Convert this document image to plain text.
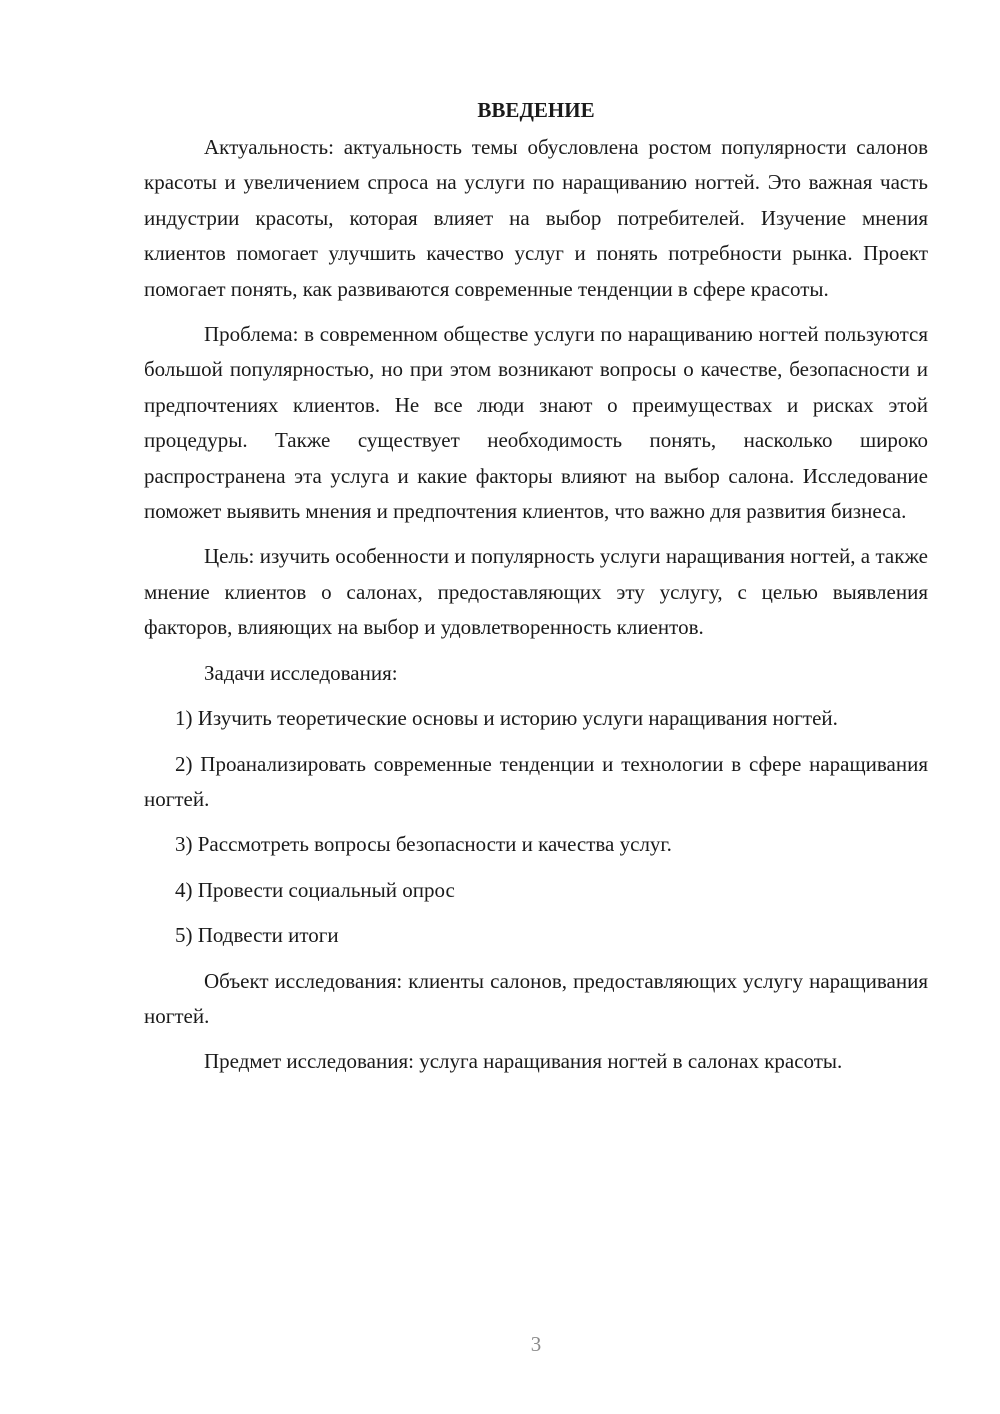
ВВЕДЕНИЕ

Актуальность: актуальность темы обусловлена ростом популярности салонов красоты и увеличением спроса на услуги по наращиванию ногтей. Это важная часть индустрии красоты, которая влияет на выбор потребителей. Изучение мнения клиентов помогает улучшить качество услуг и понять потребности рынка. Проект помогает понять, как развиваются современные тенденции в сфере красоты.

Проблема: в современном обществе услуги по наращиванию ногтей пользуются большой популярностью, но при этом возникают вопросы о качестве, безопасности и предпочтениях клиентов. Не все люди знают о преимуществах и рисках этой процедуры. Также существует необходимость понять, насколько широко распространена эта услуга и какие факторы влияют на выбор салона. Исследование поможет выявить мнения и предпочтения клиентов, что важно для развития бизнеса.

Цель: изучить особенности и популярность услуги наращивания ногтей, а также мнение клиентов о салонах, предоставляющих эту услугу, с целью выявления факторов, влияющих на выбор и удовлетворенность клиентов.

Задачи исследования:

1) Изучить теоретические основы и историю услуги наращивания ногтей.

2) Проанализировать современные тенденции и технологии в сфере наращивания ногтей.

3) Рассмотреть вопросы безопасности и качества услуг.

4) Провести социальный опрос

5) Подвести итоги

Объект исследования: клиенты салонов, предоставляющих услугу наращивания ногтей.

Предмет исследования: услуга наращивания ногтей в салонах красоты.

3
